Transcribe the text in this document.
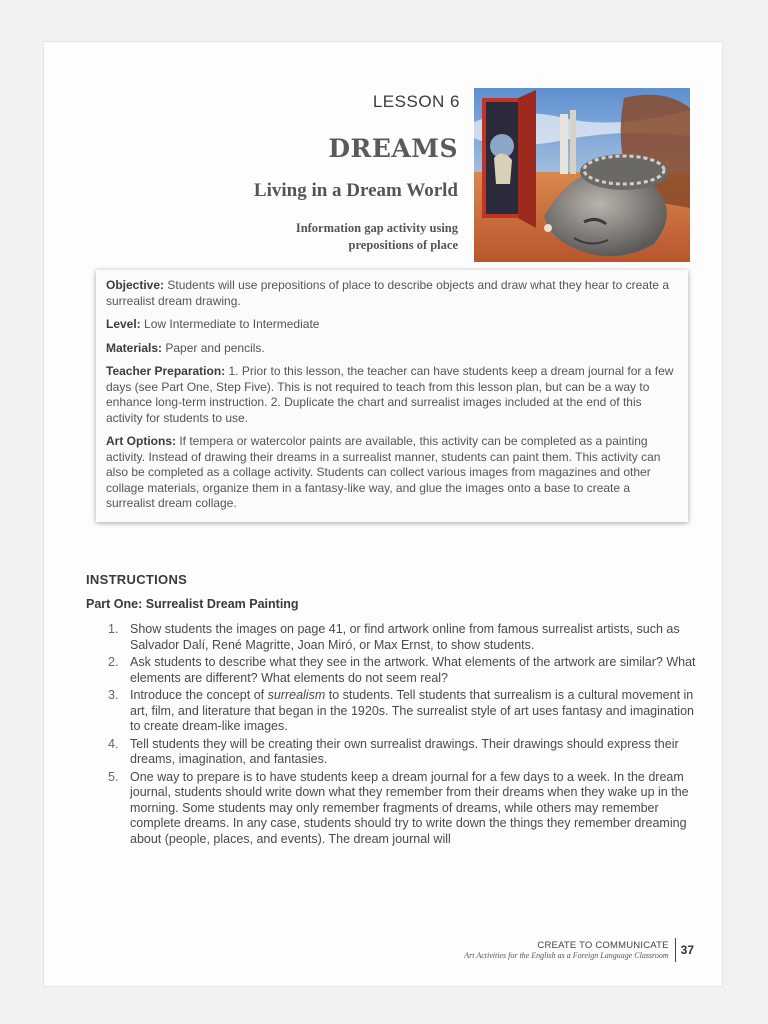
LESSON 6
DREAMS
Living in a Dream World
Information gap activity using
prepositions of place

Objective: Students will use prepositions of place to describe objects and draw what they hear to create a surrealist dream drawing.

Level: Low Intermediate to Intermediate

Materials: Paper and pencils.

Teacher Preparation: 1. Prior to this lesson, the teacher can have students keep a dream journal for a few days (see Part One, Step Five). This is not required to teach from this lesson plan, but can be a way to enhance long-term instruction. 2. Duplicate the chart and surrealist images included at the end of this activity for students to use.

Art Options: If tempera or watercolor paints are available, this activity can be completed as a painting activity. Instead of drawing their dreams in a surrealist manner, students can paint them. This activity can also be completed as a collage activity. Students can collect various images from magazines and other collage materials, organize them in a fantasy-like way, and glue the images onto a base to create a surrealist dream collage.

INSTRUCTIONS
Part One: Surrealist Dream Painting
1. Show students the images on page 41, or find artwork online from famous surrealist artists, such as Salvador Dalí, René Magritte, Joan Miró, or Max Ernst, to show students.
2. Ask students to describe what they see in the artwork. What elements of the artwork are similar? What elements are different? What elements do not seem real?
3. Introduce the concept of surrealism to students. Tell students that surrealism is a cultural movement in art, film, and literature that began in the 1920s. The surrealist style of art uses fantasy and imagination to create dream-like images.
4. Tell students they will be creating their own surrealist drawings. Their drawings should express their dreams, imagination, and fantasies.
5. One way to prepare is to have students keep a dream journal for a few days to a week. In the dream journal, students should write down what they remember from their dreams when they wake up in the morning. Some students may only remember fragments of dreams, while others may remember complete dreams. In any case, students should try to write down the things they remember dreaming about (people, places, and events). The dream journal will
CREATE TO COMMUNICATE
Art Activities for the English as a Foreign Language Classroom 37
